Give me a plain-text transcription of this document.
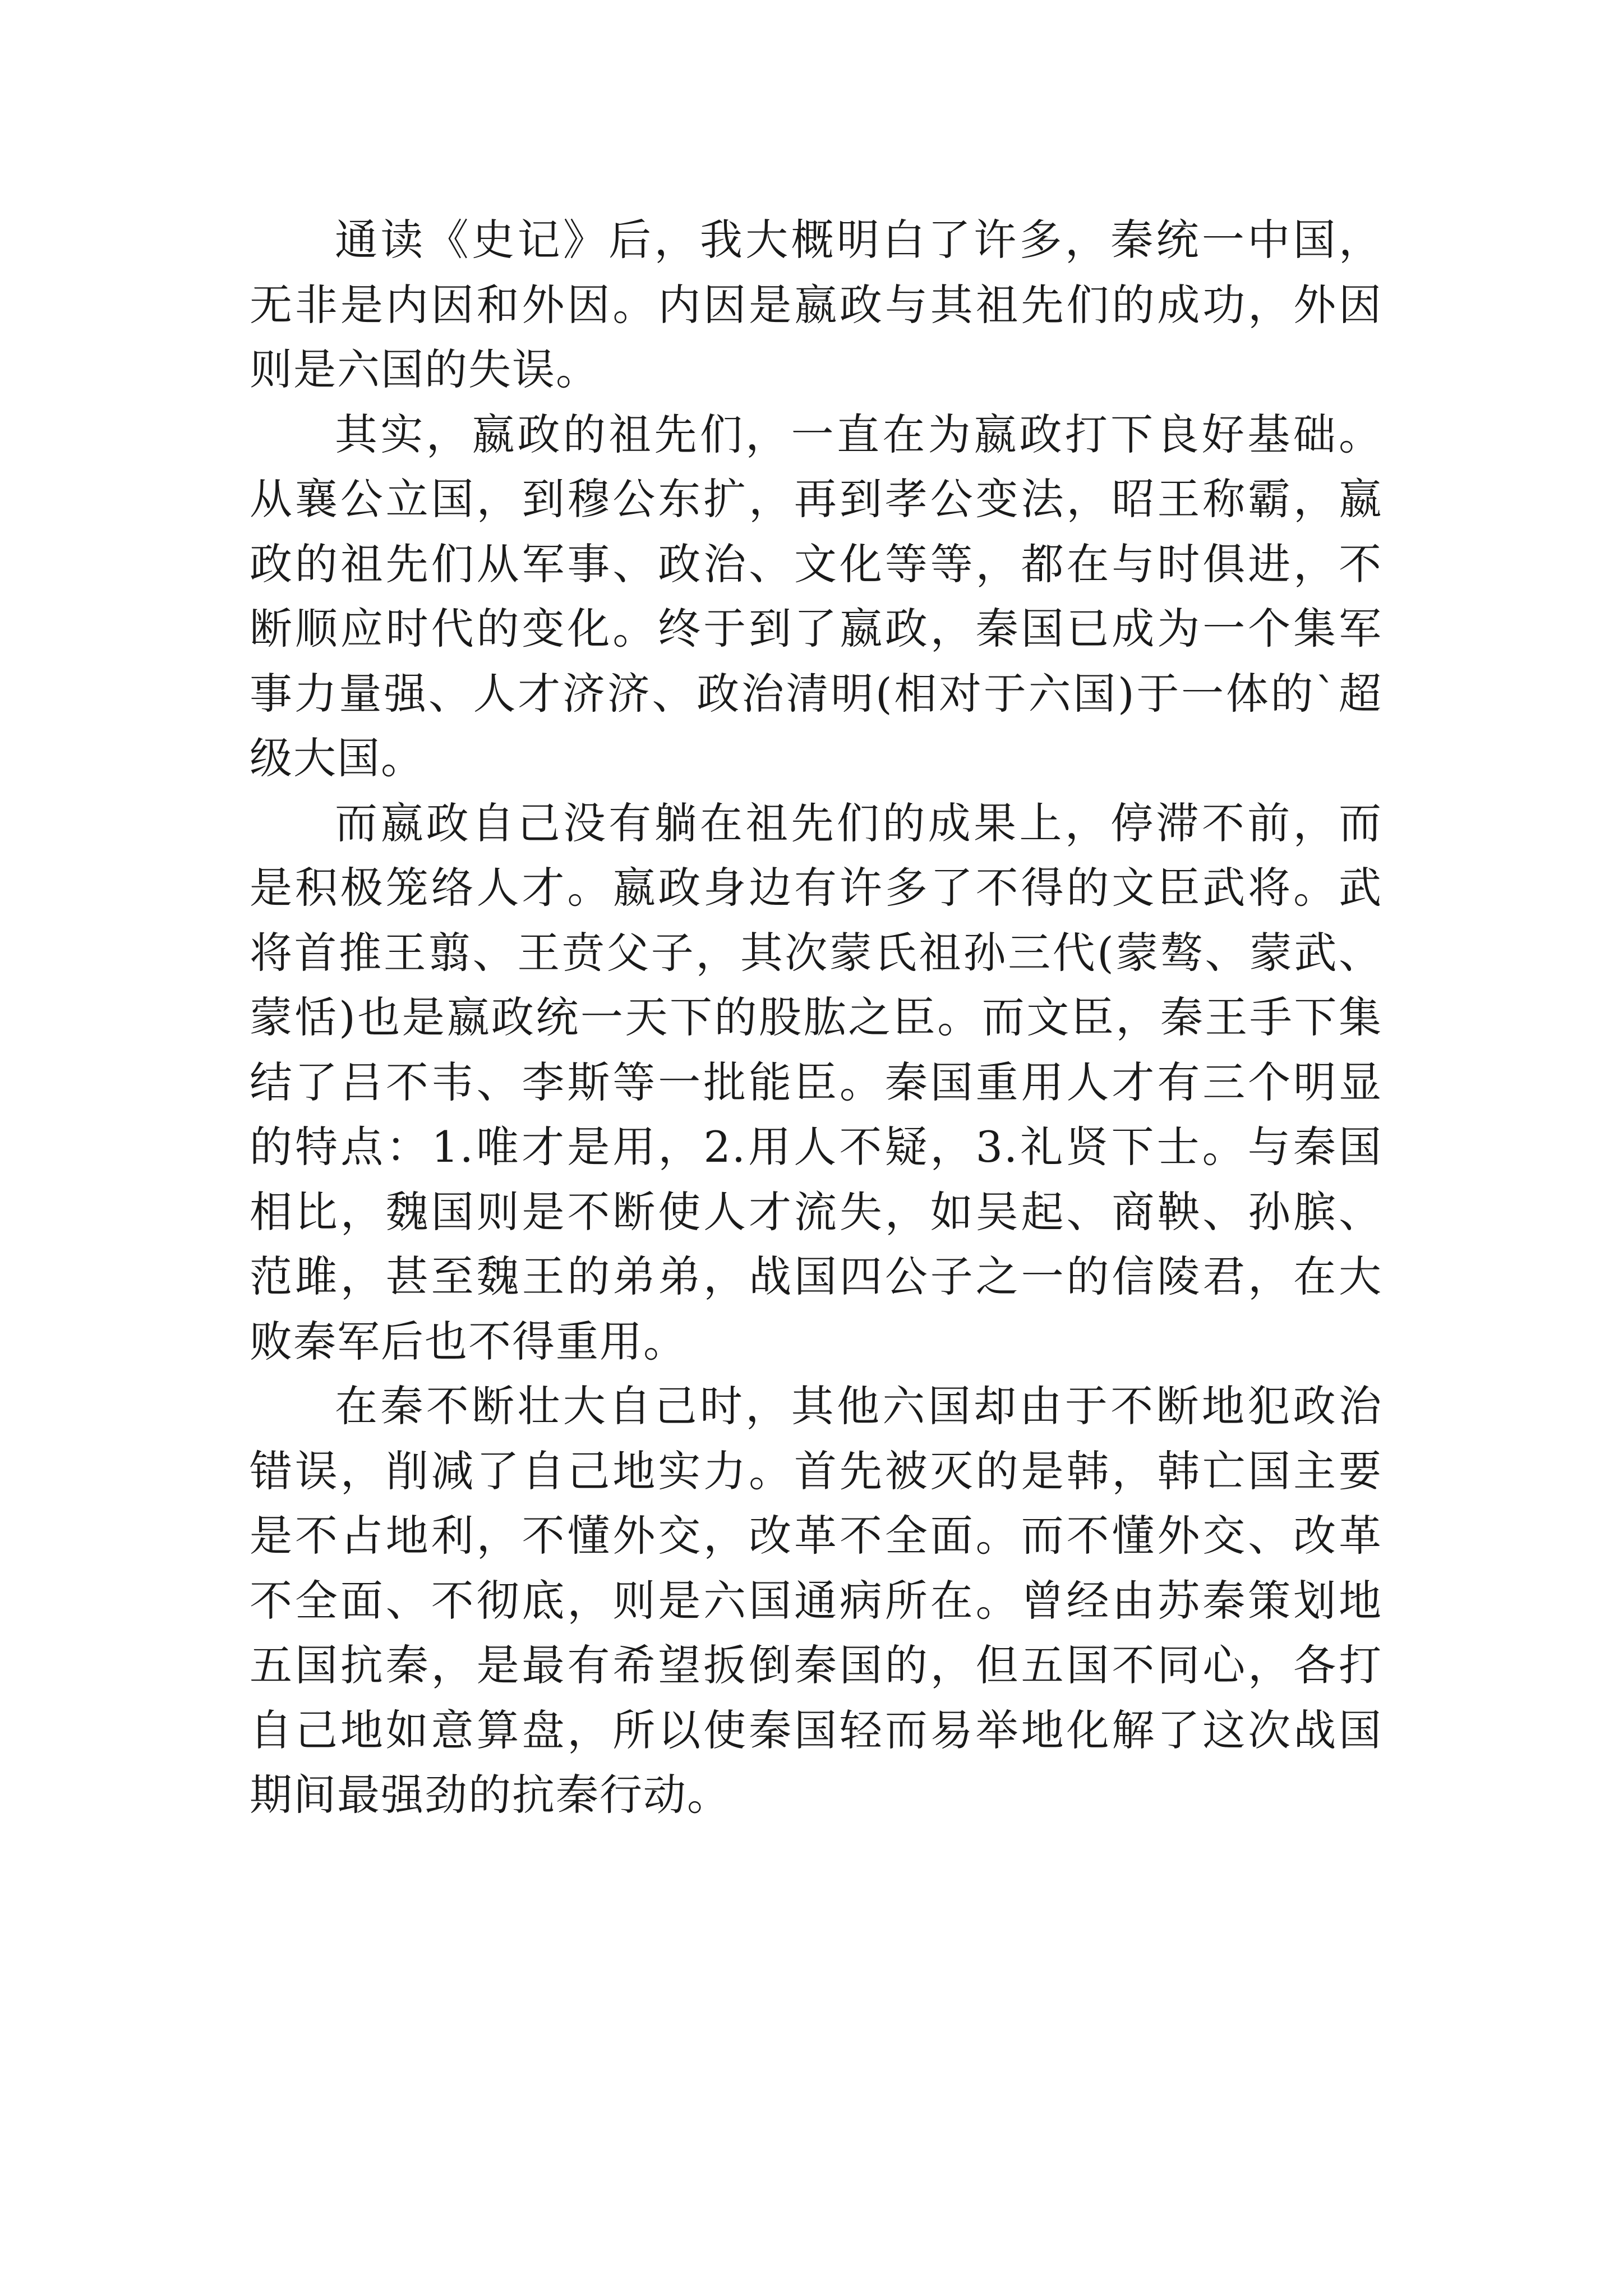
通读《史记》后，我大概明白了许多，秦统一中国，无非是内因和外因。内因是嬴政与其祖先们的成功，外因则是六国的失误。

其实，嬴政的祖先们，一直在为嬴政打下良好基础。从襄公立国，到穆公东扩，再到孝公变法，昭王称霸，嬴政的祖先们从军事、政治、文化等等，都在与时俱进，不断顺应时代的变化。终于到了嬴政，秦国已成为一个集军事力量强、人才济济、政治清明(相对于六国)于一体的`超级大国。

而嬴政自己没有躺在祖先们的成果上，停滞不前，而是积极笼络人才。嬴政身边有许多了不得的文臣武将。武将首推王翦、王贲父子，其次蒙氏祖孙三代(蒙骜、蒙武、蒙恬)也是嬴政统一天下的股肱之臣。而文臣，秦王手下集结了吕不韦、李斯等一批能臣。秦国重用人才有三个明显的特点：1.唯才是用，2.用人不疑，3.礼贤下士。与秦国相比，魏国则是不断使人才流失，如吴起、商鞅、孙膑、范雎，甚至魏王的弟弟，战国四公子之一的信陵君，在大败秦军后也不得重用。

在秦不断壮大自己时，其他六国却由于不断地犯政治错误，削减了自己地实力。首先被灭的是韩，韩亡国主要是不占地利，不懂外交，改革不全面。而不懂外交、改革不全面、不彻底，则是六国通病所在。曾经由苏秦策划地五国抗秦，是最有希望扳倒秦国的，但五国不同心，各打自己地如意算盘，所以使秦国轻而易举地化解了这次战国期间最强劲的抗秦行动。
